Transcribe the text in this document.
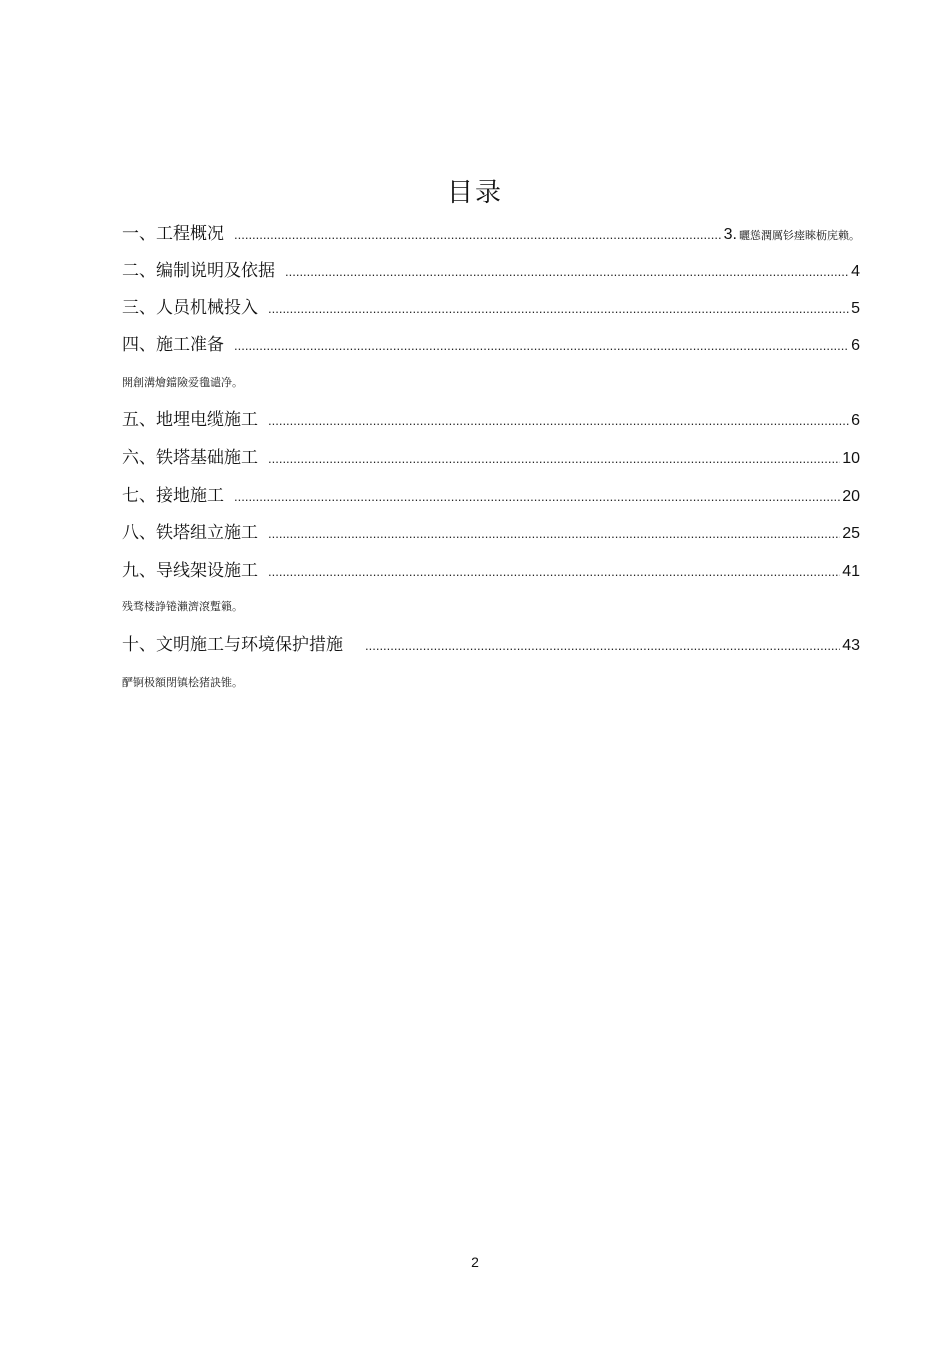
目录
一、工程概况 .....	3. 曬慫潤厲钐瘗睞枥庑赖。
二、编制说明及依据 .....	4
三、人员机械投入 .....	5
四、施工准备 .....	6
開創溝燴鐺險爱氇谴净。
五、地埋电缆施工 .....	6
六、铁塔基础施工 .....	10
七、接地施工 .....	20
八、铁塔组立施工 .....	25
九、导线架设施工 .....	41
残骛楼諍锩瀨濟滾蹔籟。
十、文明施工与环境保护措施 .....	43
酽锕极額閉镇桧猪訣锥。
2
